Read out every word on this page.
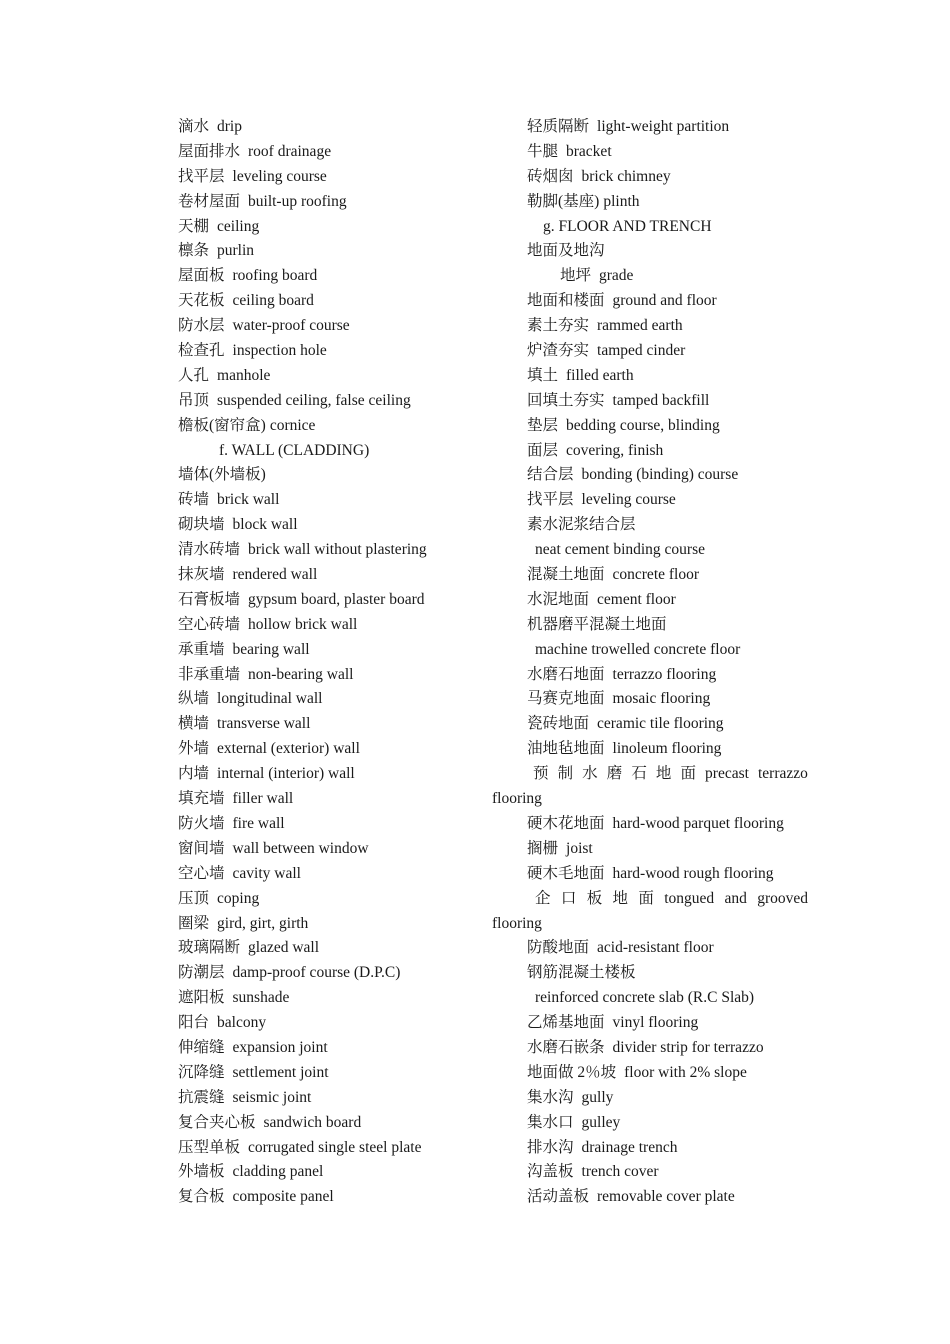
滴水 drip
屋面排水 roof drainage
找平层 leveling course
卷材屋面 built-up roofing
天棚 ceiling
檩条 purlin
屋面板 roofing board
天花板 ceiling board
防水层 water-proof course
检查孔 inspection hole
人孔 manhole
吊顶 suspended ceiling, false ceiling
檐板(窗帘盒) cornice
f. WALL (CLADDING)
墙体(外墙板)
砖墙 brick wall
砌块墙 block wall
清水砖墙 brick wall without plastering
抹灰墙 rendered wall
石膏板墙 gypsum board, plaster board
空心砖墙 hollow brick wall
承重墙 bearing wall
非承重墙 non-bearing wall
纵墙 longitudinal wall
横墙 transverse wall
外墙 external (exterior) wall
内墙 internal (interior) wall
填充墙 filler wall
防火墙 fire wall
窗间墙 wall between window
空心墙 cavity wall
压顶 coping
圈梁 gird, girt, girth
玻璃隔断 glazed wall
防潮层 damp-proof course (D.P.C)
遮阳板 sunshade
阳台 balcony
伸缩缝 expansion joint
沉降缝 settlement joint
抗震缝 seismic joint
复合夹心板 sandwich board
压型单板 corrugated single steel plate
外墙板 cladding panel
复合板 composite panel
轻质隔断 light-weight partition
牛腿 bracket
砖烟囱 brick chimney
勒脚(基座) plinth
g. FLOOR AND TRENCH
地面及地沟
地坪 grade
地面和楼面 ground and floor
素土夯实 rammed earth
炉渣夯实 tamped cinder
填土 filled earth
回填土夯实 tamped backfill
垫层 bedding course, blinding
面层 covering, finish
结合层 bonding (binding) course
找平层 leveling course
素水泥浆结合层
neat cement binding course
混凝土地面 concrete floor
水泥地面 cement floor
机器磨平混凝土地面
machine trowelled concrete floor
水磨石地面 terrazzo flooring
马赛克地面 mosaic flooring
瓷砖地面 ceramic tile flooring
油地毡地面 linoleum flooring
预 制 水 磨 石 地 面 precast terrazzo
flooring
硬木花地面 hard-wood parquet flooring
搁栅 joist
硬木毛地面 hard-wood rough flooring
企 口 板 地 面 tongued and grooved
flooring
防酸地面 acid-resistant floor
钢筋混凝土楼板
reinforced concrete slab (R.C Slab)
乙烯基地面 vinyl flooring
水磨石嵌条 divider strip for terrazzo
地面做 2％坡 floor with 2% slope
集水沟 gully
集水口 gulley
排水沟 drainage trench
沟盖板 trench cover
活动盖板 removable cover plate
